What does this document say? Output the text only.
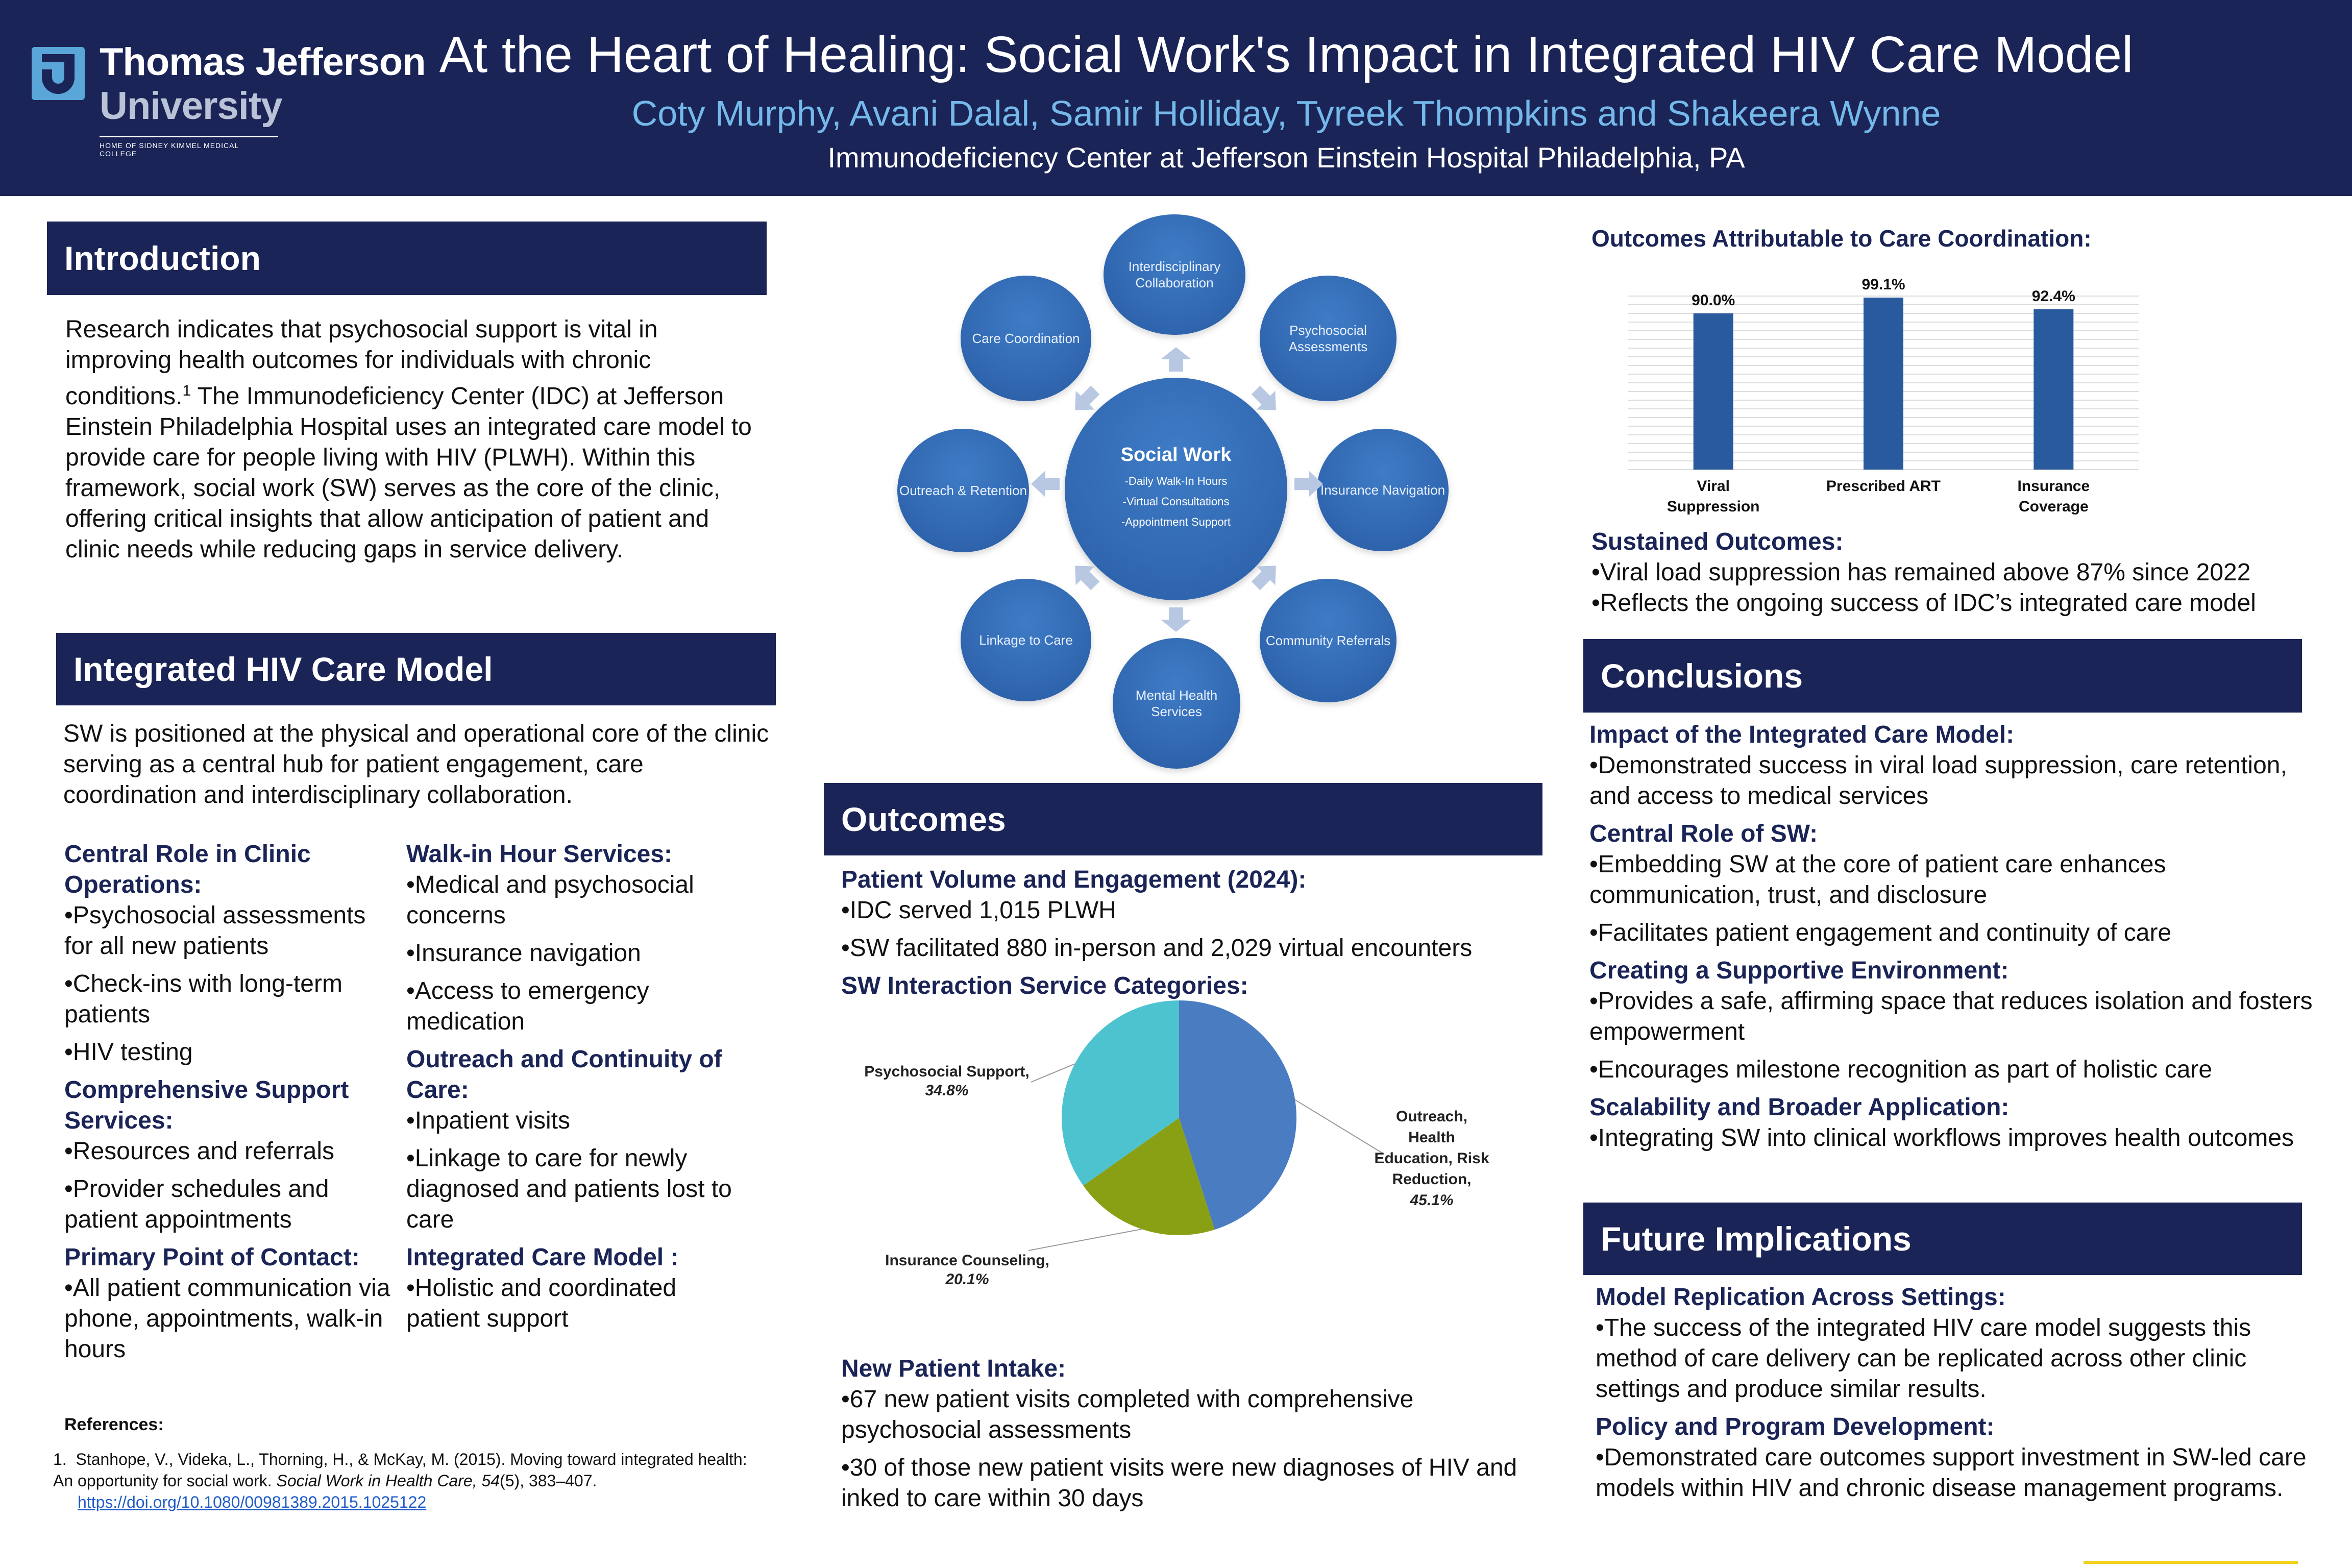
Thomas Jefferson
University
HOME OF SIDNEY KIMMEL MEDICAL COLLEGE
At the Heart of Healing: Social Work's Impact in Integrated HIV Care Model
Coty Murphy, Avani Dalal, Samir Holliday, Tyreek Thompkins and Shakeera Wynne
Immunodeficiency Center at Jefferson Einstein Hospital Philadelphia, PA
Introduction
Research indicates that psychosocial support is vital in improving health outcomes for individuals with chronic conditions.$^1$ The Immunodeficiency Center (IDC) at Jefferson Einstein Philadelphia Hospital uses an integrated care model to provide care for people living with HIV (PLWH). Within this framework, social work (SW) serves as the core of the clinic, offering critical insights that allow anticipation of patient and clinic needs while reducing gaps in service delivery.
Integrated HIV Care Model
SW is positioned at the physical and operational core of the clinic serving as a central hub for patient engagement, care coordination and interdisciplinary collaboration.
Central Role in Clinic Operations:

•Psychosocial assessments for all new patients

•Check-ins with long-term patients

•HIV testing

Comprehensive Support Services:

•Resources and referrals

•Provider schedules and patient appointments

Primary Point of Contact:

•All patient communication via phone, appointments, walk-in hours

Walk-in Hour Services:

•Medical and psychosocial concerns

•Insurance navigation

•Access to emergency medication

Outreach and Continuity of Care:

•Inpatient visits

•Linkage to care for newly diagnosed and patients lost to care

Integrated Care Model :

•Holistic and coordinated patient support

References:
1. Stanhope, V., Videka, L., Thorning, H., & McKay, M. (2015). Moving toward integrated health: An opportunity for social work. Social Work in Health Care, 54(5), 383–407.
https://doi.org/10.1080/00981389.2015.1025122
Social Work
-Daily Walk-In Hours
-Virtual Consultations
-Appointment Support
Interdisciplinary Collaboration
Psychosocial Assessments
Insurance Navigation
Community Referrals
Mental Health Services
Linkage to Care
Outreach & Retention
Care Coordination
Outcomes
Patient Volume and Engagement (2024):

•IDC served 1,015 PLWH

•SW facilitated 880 in-person and 2,029 virtual encounters

SW Interaction Service Categories:
Psychosocial Support,
34.8%
Insurance Counseling,
20.1%
Outreach,
Health
Education, Risk
Reduction,
45.1%
New Patient Intake:

•67 new patient visits completed with comprehensive psychosocial assessments

•30 of those new patient visits were new diagnoses of HIV and inked to care within 30 days

Outcomes Attributable to Care Coordination:
90.0%
99.1%
92.4%
Viral
Suppression
Prescribed ART	Insurance
Coverage
Sustained Outcomes:

•Viral load suppression has remained above 87% since 2022

•Reflects the ongoing success of IDC’s integrated care model

Conclusions
Impact of the Integrated Care Model:

•Demonstrated success in viral load suppression, care retention, and access to medical services

Central Role of SW:

•Embedding SW at the core of patient care enhances communication, trust, and disclosure

•Facilitates patient engagement and continuity of care

Creating a Supportive Environment:

•Provides a safe, affirming space that reduces isolation and fosters empowerment

•Encourages milestone recognition as part of holistic care

Scalability and Broader Application:

•Integrating SW into clinical workflows improves health outcomes

Future Implications
Model Replication Across Settings:

•The success of the integrated HIV care model suggests this method of care delivery can be replicated across other clinic settings and produce similar results.

Policy and Program Development:

•Demonstrated care outcomes support investment in SW-led care models within HIV and chronic disease management programs.
